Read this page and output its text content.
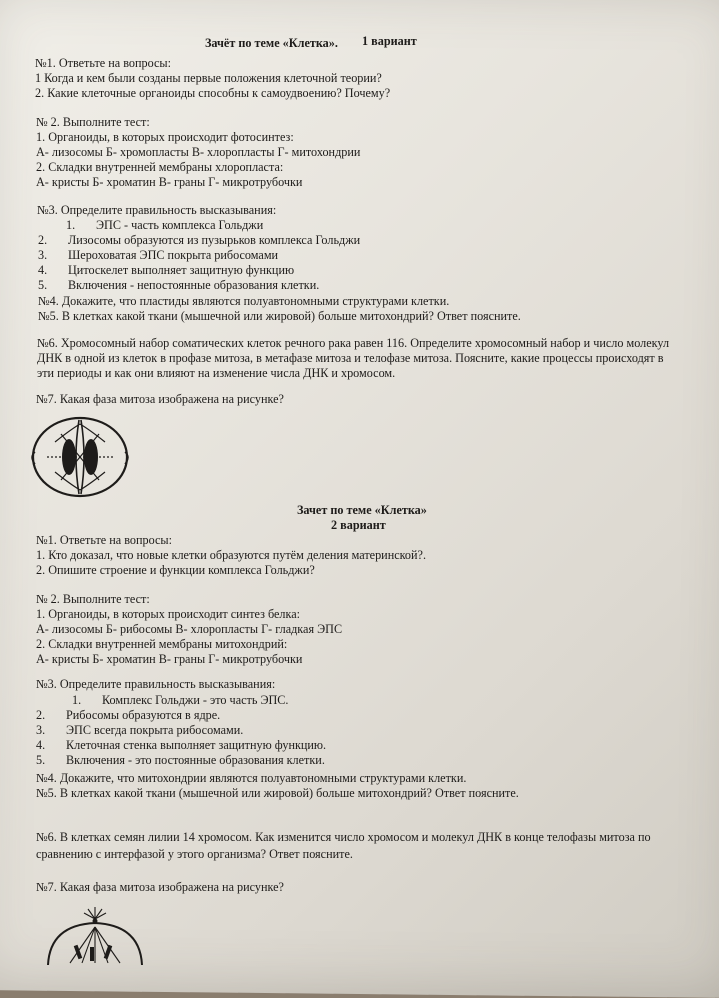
Зачёт по теме «Клетка». 1 вариант
№1. Ответьте на вопросы:
1 Когда и кем были созданы первые положения клеточной теории?
2. Какие клеточные органоиды способны к самоудвоению? Почему?
№ 2. Выполните тест:
1. Органоиды, в которых происходит фотосинтез:
А- лизосомы Б- хромопласты В- хлоропласты Г- митохондрии
2. Складки внутренней мембраны хлоропласта:
А- кристы Б- хроматин В- граны Г- микротрубочки
№3. Определите правильность высказывания:
1. ЭПС - часть комплекса Гольджи
2. Лизосомы образуются из пузырьков комплекса Гольджи
3. Шероховатая ЭПС покрыта рибосомами
4. Цитоскелет выполняет защитную функцию
5. Включения - непостоянные образования клетки.
№4. Докажите, что пластиды являются полуавтономными структурами клетки.
№5. В клетках какой ткани (мышечной или жировой) больше митохондрий? Ответ поясните.
№6. Хромосомный набор соматических клеток речного рака равен 116. Определите хромосомный набор и число молекул
ДНК в одной из клеток в профазе митоза, в метафазе митоза и телофазе митоза. Поясните, какие процессы происходят в
эти периоды и как они влияют на изменение числа ДНК и хромосом.
№7. Какая фаза митоза изображена на рисунке?
Зачет по теме «Клетка»
2 вариант
№1. Ответьте на вопросы:
1. Кто доказал, что новые клетки образуются путём деления материнской?.
2. Опишите строение и функции комплекса Гольджи?
№ 2. Выполните тест:
1. Органоиды, в которых происходит синтез белка:
А- лизосомы Б- рибосомы В- хлоропласты Г- гладкая ЭПС
2. Складки внутренней мембраны митохондрий:
А- кристы Б- хроматин В- граны Г- микротрубочки
№3. Определите правильность высказывания:
1. Комплекс Гольджи - это часть ЭПС.
2. Рибосомы образуются в ядре.
3. ЭПС всегда покрыта рибосомами.
4. Клеточная стенка выполняет защитную функцию.
5. Включения - это постоянные образования клетки.
№4. Докажите, что митохондрии являются полуавтономными структурами клетки.
№5. В клетках какой ткани (мышечной или жировой) больше митохондрий? Ответ поясните.
№6. В клетках семян лилии 14 хромосом. Как изменится число хромосом и молекул ДНК в конце телофазы митоза по
сравнению с интерфазой у этого организма? Ответ поясните.
№7. Какая фаза митоза изображена на рисунке?
